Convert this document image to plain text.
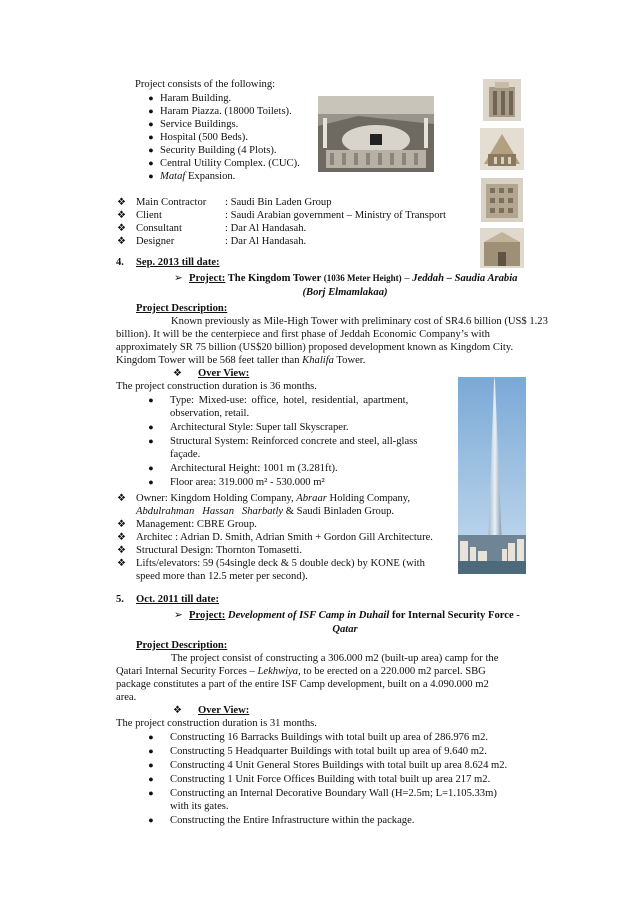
Project consists of the following:
● Haram Building.
● Haram Piazza. (18000 Toilets).
● Service Buildings.
● Hospital (500 Beds).
● Security Building (4 Plots).
● Central Utility Complex. (CUC).
● Mataf Expansion.
❖ Main Contractor : Saudi Bin Laden Group
❖ Client	: Saudi Arabian government – Ministry of Transport
❖ Consultant	: Dar Al Handasah.
❖ Designer	: Dar Al Handasah.
4. Sep. 2013 till date:
➢ Project: The Kingdom Tower (1036 Meter Height) – Jeddah – Saudia Arabia
(Borj Elmamlakaa)
Project Description:
Known previously as Mile-High Tower with preliminary cost of SR4.6 billion (US$ 1.23
billion). It will be the centerpiece and first phase of Jeddah Economic Company’s with
approximately SR 75 billion (US$20 billion) proposed development known as Kingdom City.
Kingdom Tower will be 568 feet taller than Khalifa Tower.
❖ Over View:
The project construction duration is 36 months.
● Type: Mixed-use: office, hotel, residential, apartment,
observation, retail.
● Architectural Style: Super tall Skyscraper.
● Structural System: Reinforced concrete and steel, all-glass
façade.
● Architectural Height: 1001 m (3.281ft).
● Floor area: 319.000 m² - 530.000 m²
❖ Owner: Kingdom Holding Company, Abraar Holding Company,
Abdulrahman   Hassan   Sharbatly & Saudi Binladen Group.
❖ Management: CBRE Group.
❖ Architec : Adrian D. Smith, Adrian Smith + Gordon Gill Architecture.
❖ Structural Design: Thornton Tomasetti.
❖ Lifts/elevators: 59 (54single deck & 5 double deck) by KONE (with
speed more than 12.5 meter per second).
5. Oct. 2011 till date:
➢ Project: Development of ISF Camp in Duhail for Internal Security Force -
Qatar
Project Description:
The project consist of constructing a 306.000 m2 (built-up area) camp for the
Qatari Internal Security Forces – Lekhwiya, to be erected on a 220.000 m2 parcel. SBG
package constitutes a part of the entire ISF Camp development, built on a 4.090.000 m2
area.
❖ Over View:
The project construction duration is 31 months.
● Constructing 16 Barracks Buildings with total built up area of 286.976 m2.
● Constructing 5 Headquarter Buildings with total built up area of 9.640 m2.
● Constructing 4 Unit General Stores Buildings with total built up area 8.624 m2.
● Constructing 1 Unit Force Offices Building with total built up area 217 m2.
● Constructing an Internal Decorative Boundary Wall (H=2.5m; L=1.105.33m)
with its gates.
● Constructing the Entire Infrastructure within the package.
